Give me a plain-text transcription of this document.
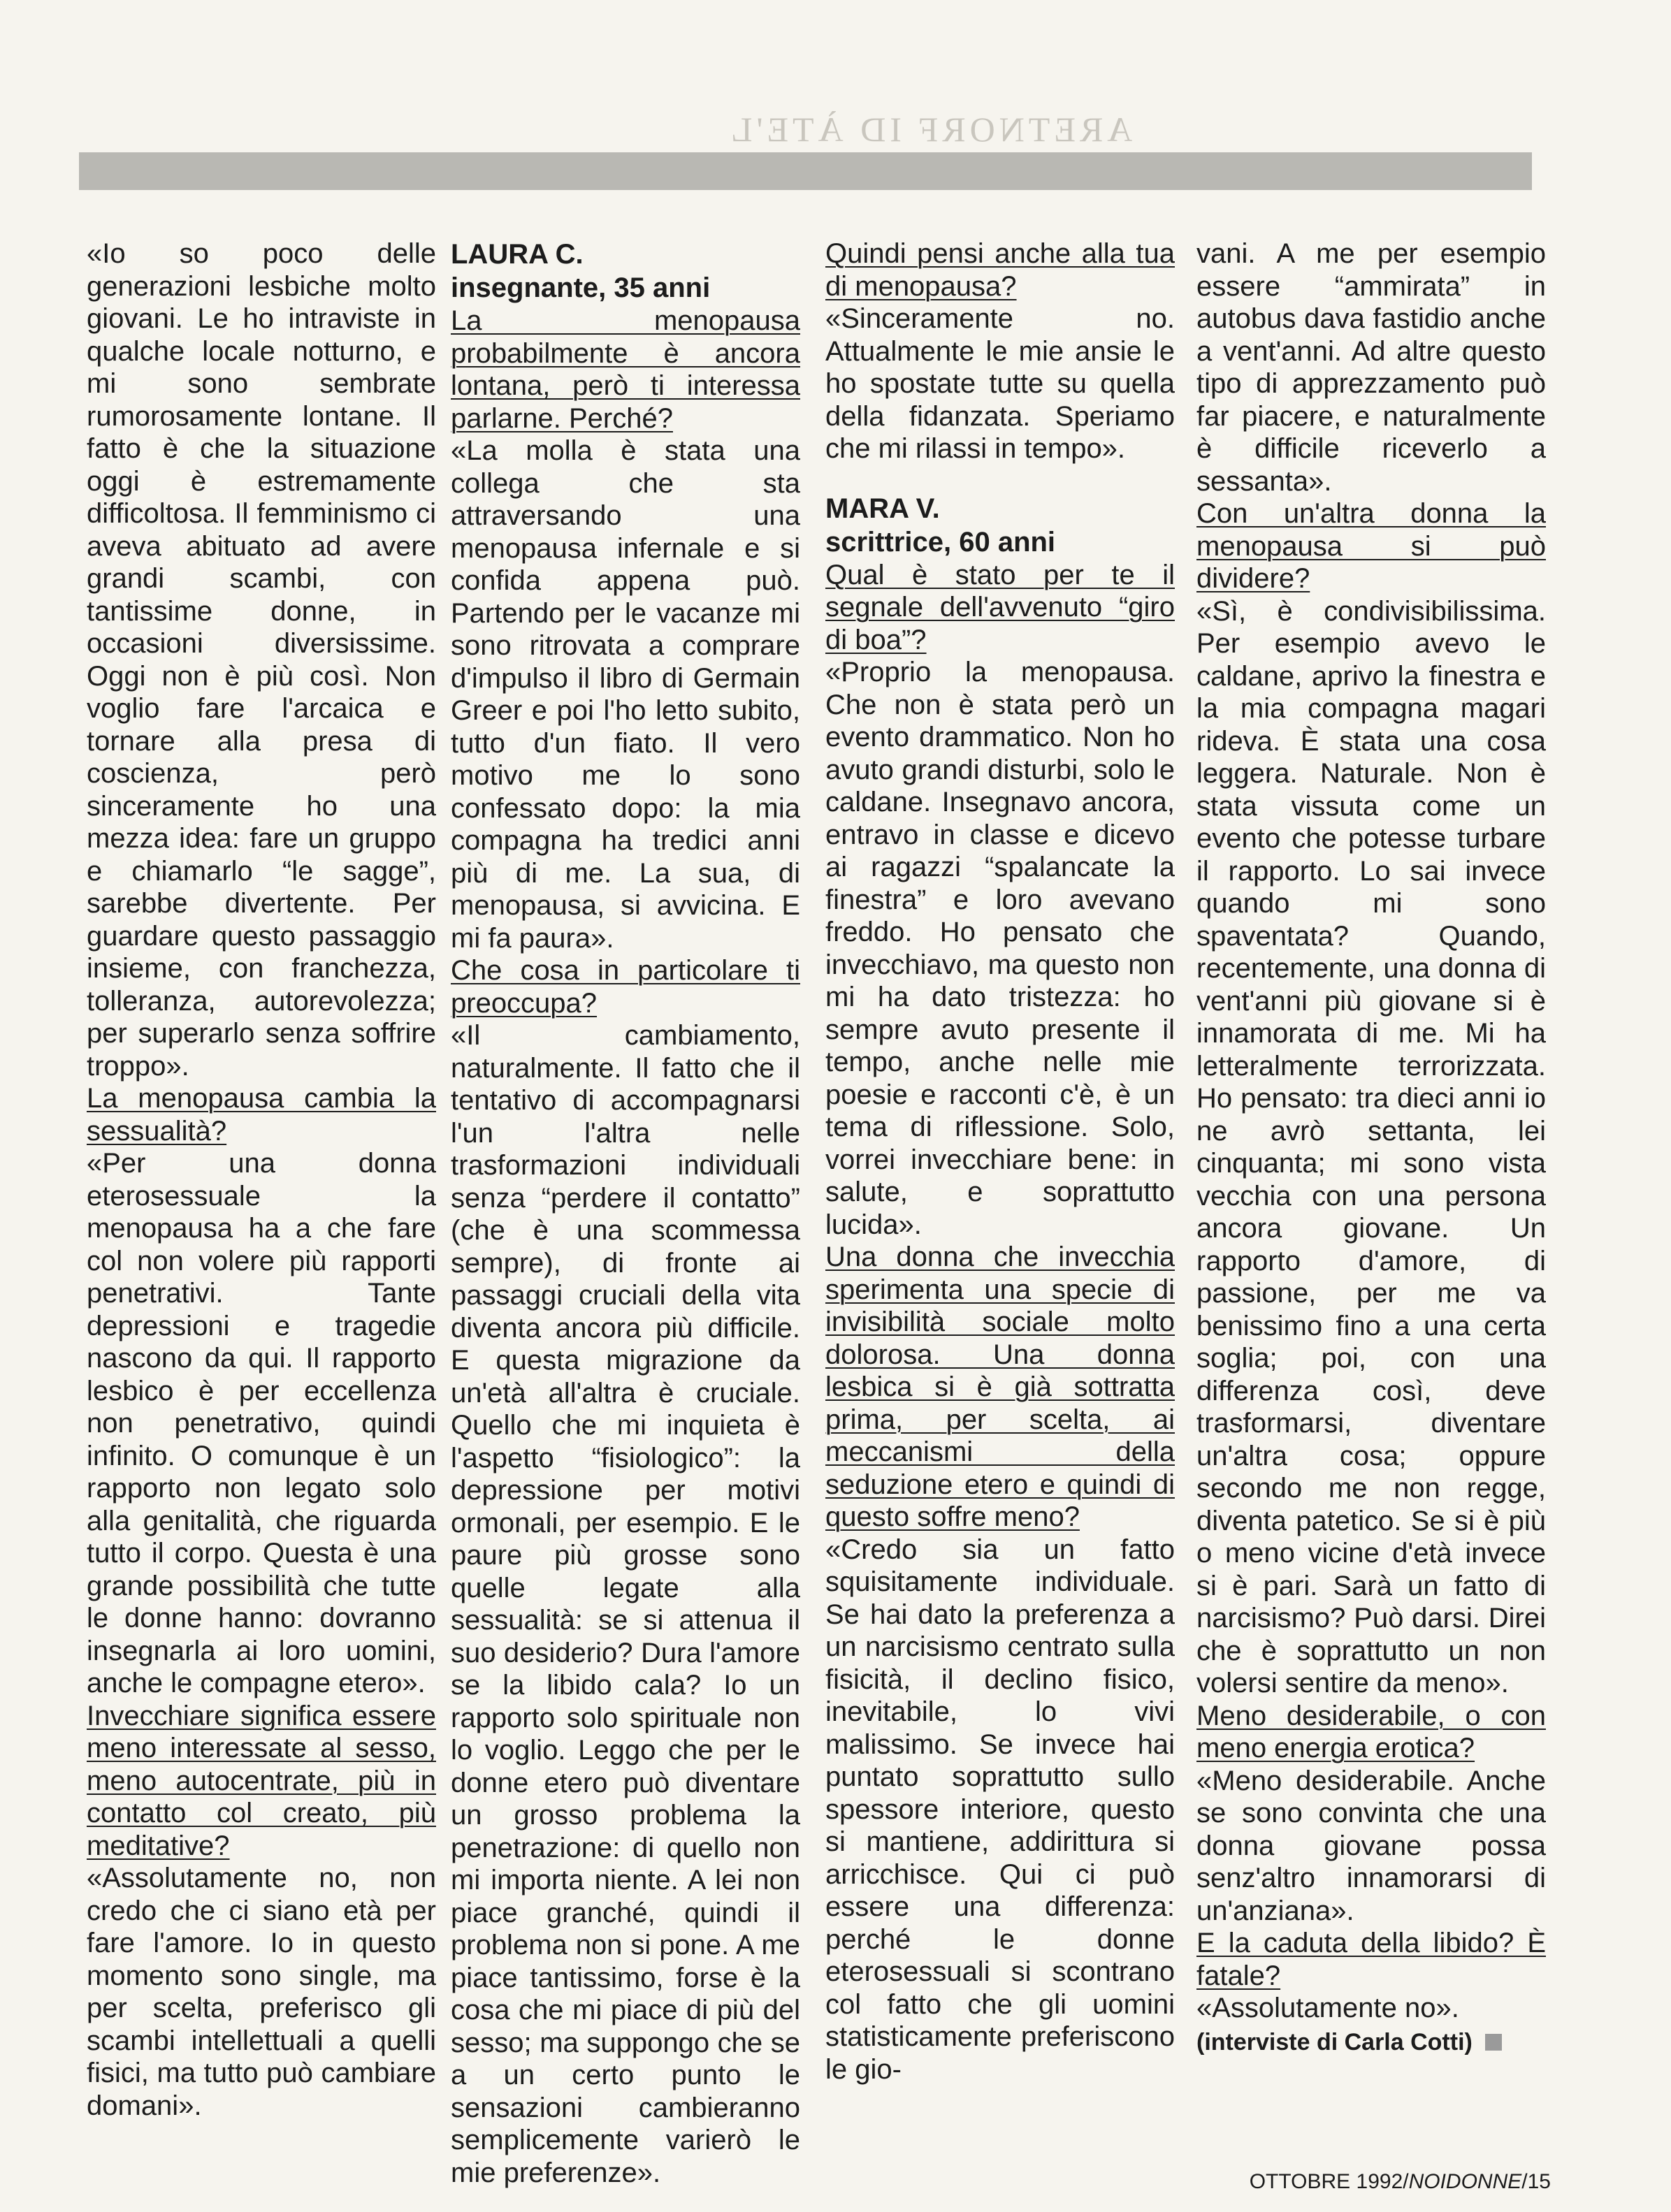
ARETNORF ID ÀTE'L

«Io so poco delle generazioni lesbiche molto giovani. Le ho intraviste in qualche locale notturno, e mi sono sembrate rumorosamente lontane. Il fatto è che la situazione oggi è estremamente difficoltosa. Il femminismo ci aveva abituato ad avere grandi scambi, con tantissime donne, in occasioni diversissime. Oggi non è più così. Non voglio fare l'arcaica e tornare alla presa di coscienza, però sinceramente ho una mezza idea: fare un gruppo e chiamarlo “le sagge”, sarebbe divertente. Per guardare questo passaggio insieme, con franchezza, tolleranza, autorevolezza; per superarlo senza soffrire troppo».

La menopausa cambia la sessualità?

«Per una donna eterosessuale la menopausa ha a che fare col non volere più rapporti penetrativi. Tante depressioni e tragedie nascono da qui. Il rapporto lesbico è per eccellenza non penetrativo, quindi infinito. O comunque è un rapporto non legato solo alla genitalità, che riguarda tutto il corpo. Questa è una grande possibilità che tutte le donne hanno: dovranno insegnarla ai loro uomini, anche le compagne etero».

Invecchiare significa essere meno interessate al sesso, meno autocentrate, più in contatto col creato, più meditative?

«Assolutamente no, non credo che ci siano età per fare l'amore. Io in questo momento sono single, ma per scelta, preferisco gli scambi intellettuali a quelli fisici, ma tutto può cambiare domani».

LAURA C.

insegnante, 35 anni

La menopausa probabilmente è ancora lontana, però ti interessa parlarne. Perché?

«La molla è stata una collega che sta attraversando una menopausa infernale e si confida appena può. Partendo per le vacanze mi sono ritrovata a comprare d'impulso il libro di Germain Greer e poi l'ho letto subito, tutto d'un fiato. Il vero motivo me lo sono confessato dopo: la mia compagna ha tredici anni più di me. La sua, di menopausa, si avvicina. E mi fa paura».

Che cosa in particolare ti preoccupa?

«Il cambiamento, naturalmente. Il fatto che il tentativo di accompagnarsi l'un l'altra nelle trasformazioni individuali senza “perdere il contatto” (che è una scommessa sempre), di fronte ai passaggi cruciali della vita diventa ancora più difficile. E questa migrazione da un'età all'altra è cruciale. Quello che mi inquieta è l'aspetto “fisiologico”: la depressione per motivi ormonali, per esempio. E le paure più grosse sono quelle legate alla sessualità: se si attenua il suo desiderio? Dura l'amore se la libido cala? Io un rapporto solo spirituale non lo voglio. Leggo che per le donne etero può diventare un grosso problema la penetrazione: di quello non mi importa niente. A lei non piace granché, quindi il problema non si pone. A me piace tantissimo, forse è la cosa che mi piace di più del sesso; ma suppongo che se a un certo punto le sensazioni cambieranno semplicemente varierò le mie preferenze».

Quindi pensi anche alla tua di menopausa?

«Sinceramente no. Attualmente le mie ansie le ho spostate tutte su quella della fidanzata. Speriamo che mi rilassi in tempo».

MARA V.

scrittrice, 60 anni

Qual è stato per te il segnale dell'avvenuto “giro di boa”?

«Proprio la menopausa. Che non è stata però un evento drammatico. Non ho avuto grandi disturbi, solo le caldane. Insegnavo ancora, entravo in classe e dicevo ai ragazzi “spalancate la finestra” e loro avevano freddo. Ho pensato che invecchiavo, ma questo non mi ha dato tristezza: ho sempre avuto presente il tempo, anche nelle mie poesie e racconti c'è, è un tema di riflessione. Solo, vorrei invecchiare bene: in salute, e soprattutto lucida».

Una donna che invecchia sperimenta una specie di invisibilità sociale molto dolorosa. Una donna lesbica si è già sottratta prima, per scelta, ai meccanismi della seduzione etero e quindi di questo soffre meno?

«Credo sia un fatto squisitamente individuale. Se hai dato la preferenza a un narcisismo centrato sulla fisicità, il declino fisico, inevitabile, lo vivi malissimo. Se invece hai puntato soprattutto sullo spessore interiore, questo si mantiene, addirittura si arricchisce. Qui ci può essere una differenza: perché le donne eterosessuali si scontrano col fatto che gli uomini statisticamente preferiscono le gio-

vani. A me per esempio essere “ammirata” in autobus dava fastidio anche a vent'anni. Ad altre questo tipo di apprezzamento può far piacere, e naturalmente è difficile riceverlo a sessanta».

Con un'altra donna la menopausa si può dividere?

«Sì, è condivisibilissima. Per esempio avevo le caldane, aprivo la finestra e la mia compagna magari rideva. È stata una cosa leggera. Naturale. Non è stata vissuta come un evento che potesse turbare il rapporto. Lo sai invece quando mi sono spaventata? Quando, recentemente, una donna di vent'anni più giovane si è innamorata di me. Mi ha letteralmente terrorizzata. Ho pensato: tra dieci anni io ne avrò settanta, lei cinquanta; mi sono vista vecchia con una persona ancora giovane. Un rapporto d'amore, di passione, per me va benissimo fino a una certa soglia; poi, con una differenza così, deve trasformarsi, diventare un'altra cosa; oppure secondo me non regge, diventa patetico. Se si è più o meno vicine d'età invece si è pari. Sarà un fatto di narcisismo? Può darsi. Direi che è soprattutto un non volersi sentire da meno».

Meno desiderabile, o con meno energia erotica?

«Meno desiderabile. Anche se sono convinta che una donna giovane possa senz'altro innamorarsi di un'anziana».

E la caduta della libido? È fatale?

«Assolutamente no».

(interviste di Carla Cotti)

OTTOBRE 1992/NOIDONNE/15
